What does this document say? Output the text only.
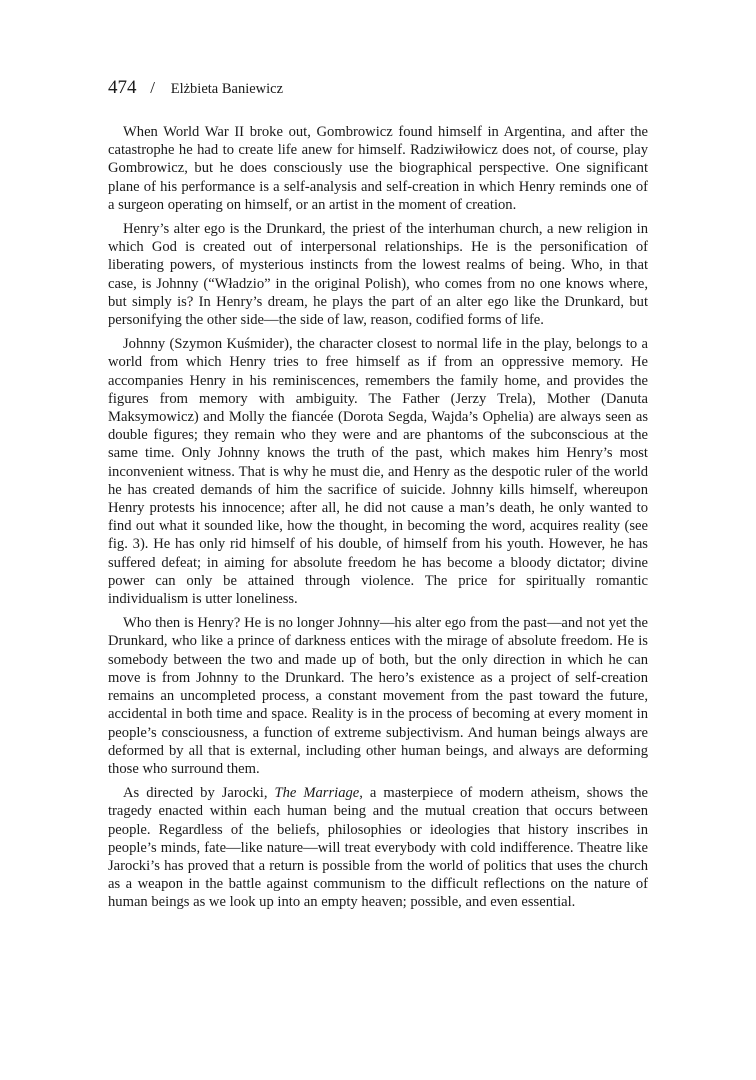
474 / Elżbieta Baniewicz

When World War II broke out, Gombrowicz found himself in Argentina, and after the catastrophe he had to create life anew for himself. Radziwiłowicz does not, of course, play Gombrowicz, but he does consciously use the biographical perspective. One significant plane of his performance is a self-analysis and self-creation in which Henry reminds one of a surgeon operating on himself, or an artist in the moment of creation.

Henry’s alter ego is the Drunkard, the priest of the interhuman church, a new religion in which God is created out of interpersonal relationships. He is the personification of liberating powers, of mysterious instincts from the lowest realms of being. Who, in that case, is Johnny (“Władzio” in the original Polish), who comes from no one knows where, but simply is? In Henry’s dream, he plays the part of an alter ego like the Drunkard, but personifying the other side—the side of law, reason, codified forms of life.

Johnny (Szymon Kuśmider), the character closest to normal life in the play, belongs to a world from which Henry tries to free himself as if from an oppressive memory. He accompanies Henry in his reminiscences, remembers the family home, and provides the figures from memory with ambiguity. The Father (Jerzy Trela), Mother (Danuta Maksymowicz) and Molly the fiancée (Dorota Segda, Wajda’s Ophelia) are always seen as double figures; they remain who they were and are phantoms of the subconscious at the same time. Only Johnny knows the truth of the past, which makes him Henry’s most inconvenient witness. That is why he must die, and Henry as the despotic ruler of the world he has created demands of him the sacrifice of suicide. Johnny kills himself, whereupon Henry protests his innocence; after all, he did not cause a man’s death, he only wanted to find out what it sounded like, how the thought, in becoming the word, acquires reality (see fig. 3). He has only rid himself of his double, of himself from his youth. However, he has suffered defeat; in aiming for absolute freedom he has become a bloody dictator; divine power can only be attained through violence. The price for spiritually romantic individualism is utter loneliness.

Who then is Henry? He is no longer Johnny—his alter ego from the past—and not yet the Drunkard, who like a prince of darkness entices with the mirage of absolute freedom. He is somebody between the two and made up of both, but the only direction in which he can move is from Johnny to the Drunkard. The hero’s existence as a project of self-creation remains an uncompleted process, a constant movement from the past toward the future, accidental in both time and space. Reality is in the process of becoming at every moment in people’s consciousness, a function of extreme subjectivism. And human beings always are deformed by all that is external, including other human beings, and always are deforming those who surround them.

As directed by Jarocki, The Marriage, a masterpiece of modern atheism, shows the tragedy enacted within each human being and the mutual creation that occurs between people. Regardless of the beliefs, philosophies or ideologies that history inscribes in people’s minds, fate—like nature—will treat everybody with cold indifference. Theatre like Jarocki’s has proved that a return is possible from the world of politics that uses the church as a weapon in the battle against communism to the difficult reflections on the nature of human beings as we look up into an empty heaven; possible, and even essential.
